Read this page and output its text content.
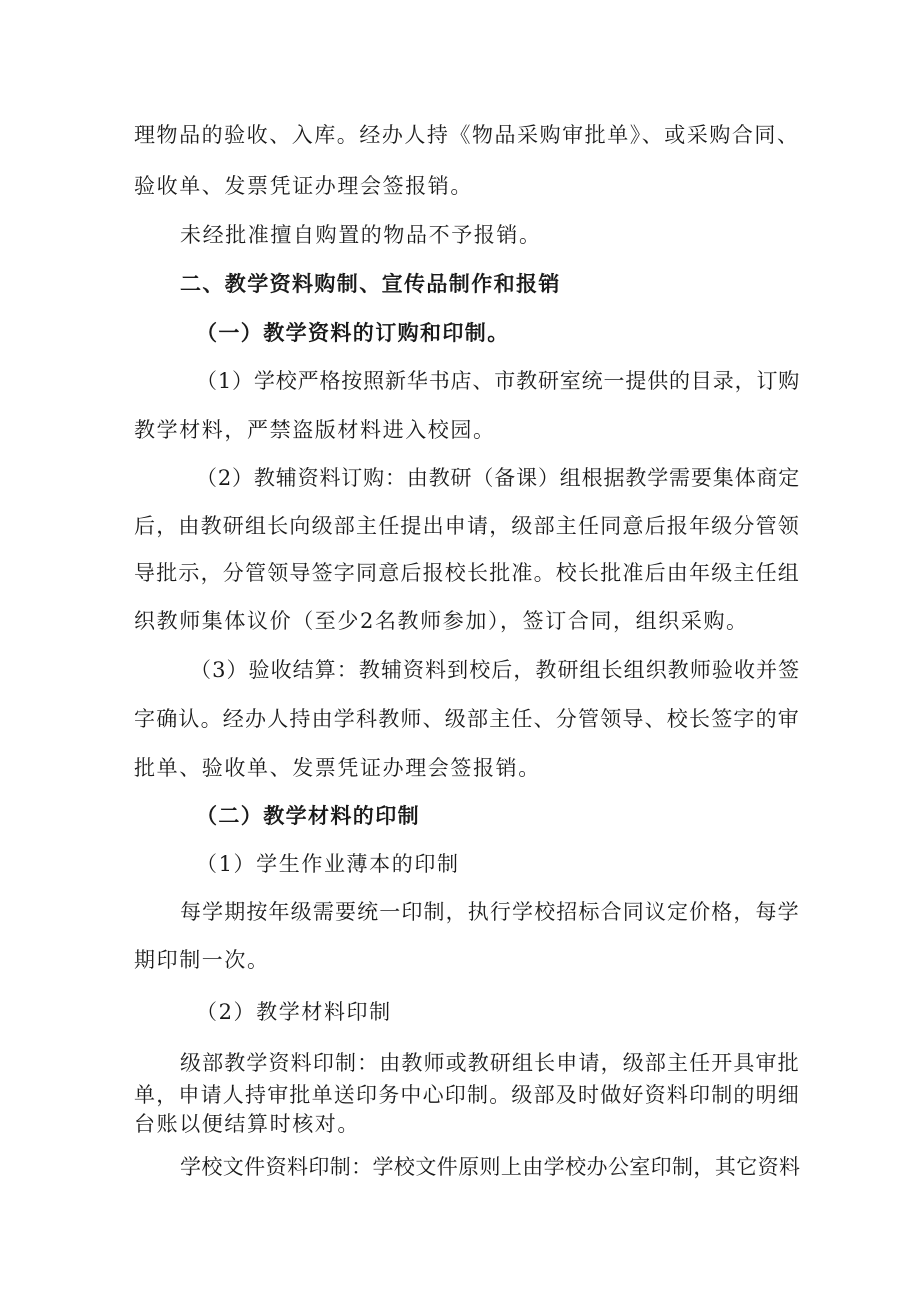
理物品的验收、入库。经办人持《物品采购审批单》、或采购合同、
验收单、发票凭证办理会签报销。
未经批准擅自购置的物品不予报销。
二、教学资料购制、宣传品制作和报销
（一）教学资料的订购和印制。
（1）学校严格按照新华书店、市教研室统一提供的目录，订购
教学材料，严禁盗版材料进入校园。
（2）教辅资料订购：由教研（备课）组根据教学需要集体商定
后，由教研组长向级部主任提出申请，级部主任同意后报年级分管领
导批示，分管领导签字同意后报校长批准。校长批准后由年级主任组
织教师集体议价（至少2名教师参加），签订合同，组织采购。
（3）验收结算：教辅资料到校后，教研组长组织教师验收并签
字确认。经办人持由学科教师、级部主任、分管领导、校长签字的审
批单、验收单、发票凭证办理会签报销。
（二）教学材料的印制
（1）学生作业薄本的印制
每学期按年级需要统一印制，执行学校招标合同议定价格，每学
期印制一次。
（2）教学材料印制
级部教学资料印制：由教师或教研组长申请，级部主任开具审批
单，申请人持审批单送印务中心印制。级部及时做好资料印制的明细
台账以便结算时核对。
学校文件资料印制：学校文件原则上由学校办公室印制，其它资料
